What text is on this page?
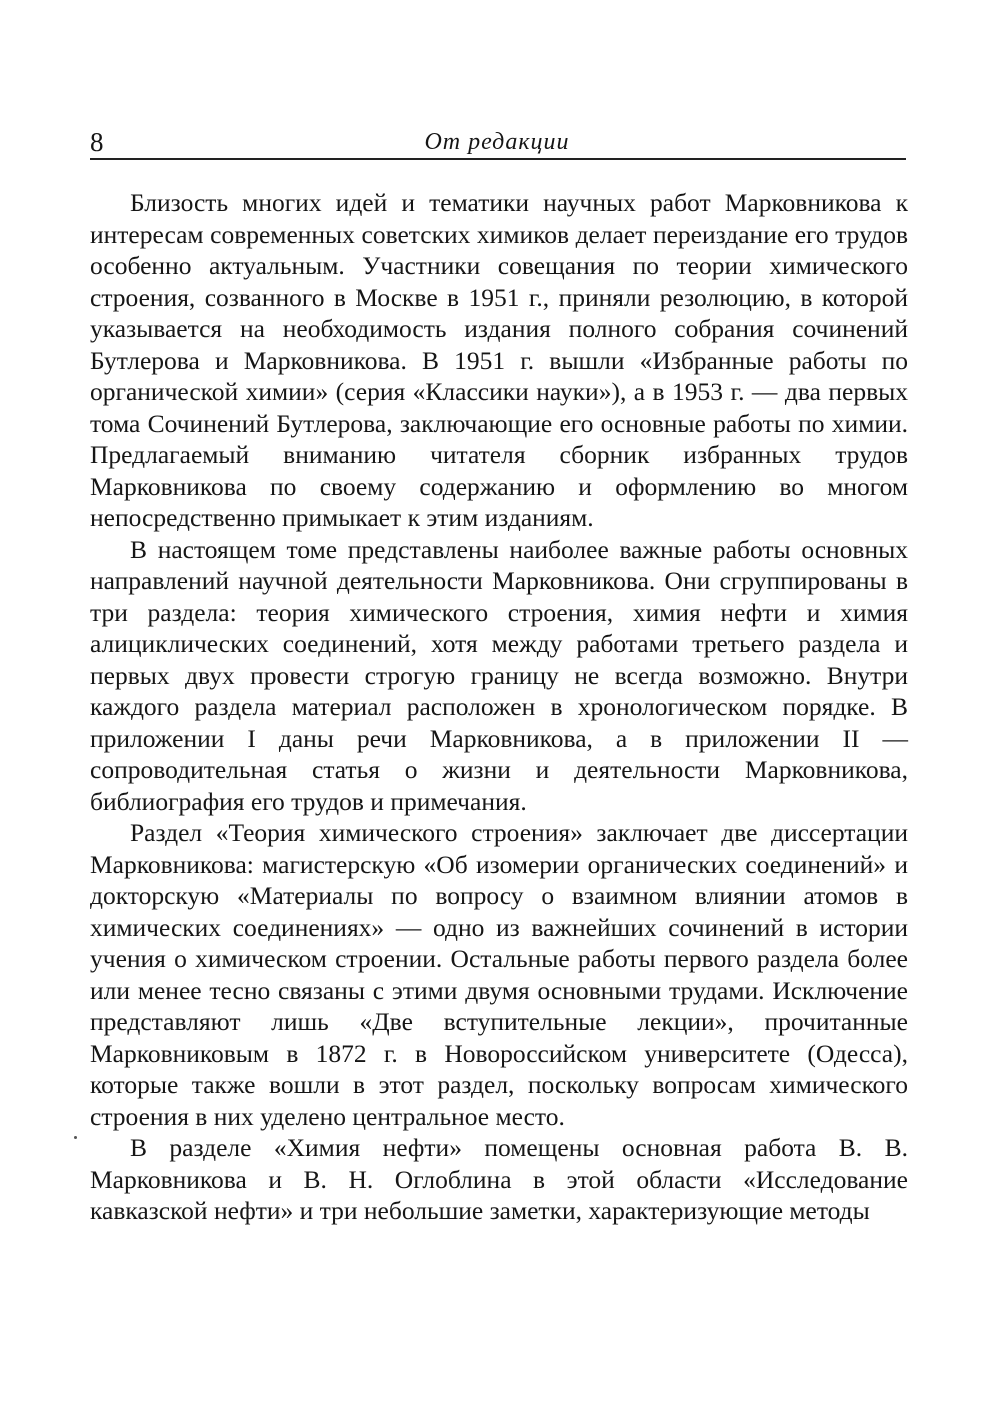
8	От редакции

Близость многих идей и тематики научных работ Марковникова к интересам современных советских химиков делает переиздание его трудов особенно актуальным. Участники совещания по теории химического строения, созванного в Москве в 1951 г., приняли резолюцию, в которой указывается на необходимость издания полного собрания сочинений Бутлерова и Марковникова. В 1951 г. вышли «Избранные работы по органической химии» (серия «Классики науки»), а в 1953 г. — два первых тома Сочинений Бутлерова, заключающие его основные работы по химии. Предлагаемый вниманию читателя сборник избранных трудов Марковникова по своему содержанию и оформлению во многом непосредственно примыкает к этим изданиям.

В настоящем томе представлены наиболее важные работы основных направлений научной деятельности Марковникова. Они сгруппированы в три раздела: теория химического строения, химия нефти и химия алициклических соединений, хотя между работами третьего раздела и первых двух провести строгую границу не всегда возможно. Внутри каждого раздела материал расположен в хронологическом порядке. В приложении I даны речи Марковникова, а в приложении II — сопроводительная статья о жизни и деятельности Марковникова, библиография его трудов и примечания.

Раздел «Теория химического строения» заключает две диссертации Марковникова: магистерскую «Об изомерии органических соединений» и докторскую «Материалы по вопросу о взаимном влиянии атомов в химических соединениях» — одно из важнейших сочинений в истории учения о химическом строении. Остальные работы первого раздела более или менее тесно связаны с этими двумя основными трудами. Исключение представляют лишь «Две вступительные лекции», прочитанные Марковниковым в 1872 г. в Новороссийском университете (Одесса), которые также вошли в этот раздел, поскольку вопросам химического строения в них уделено центральное место.

В разделе «Химия нефти» помещены основная работа В. В. Марковникова и В. Н. Оглоблина в этой области «Исследование кавказской нефти» и три небольшие заметки, характеризующие методы
